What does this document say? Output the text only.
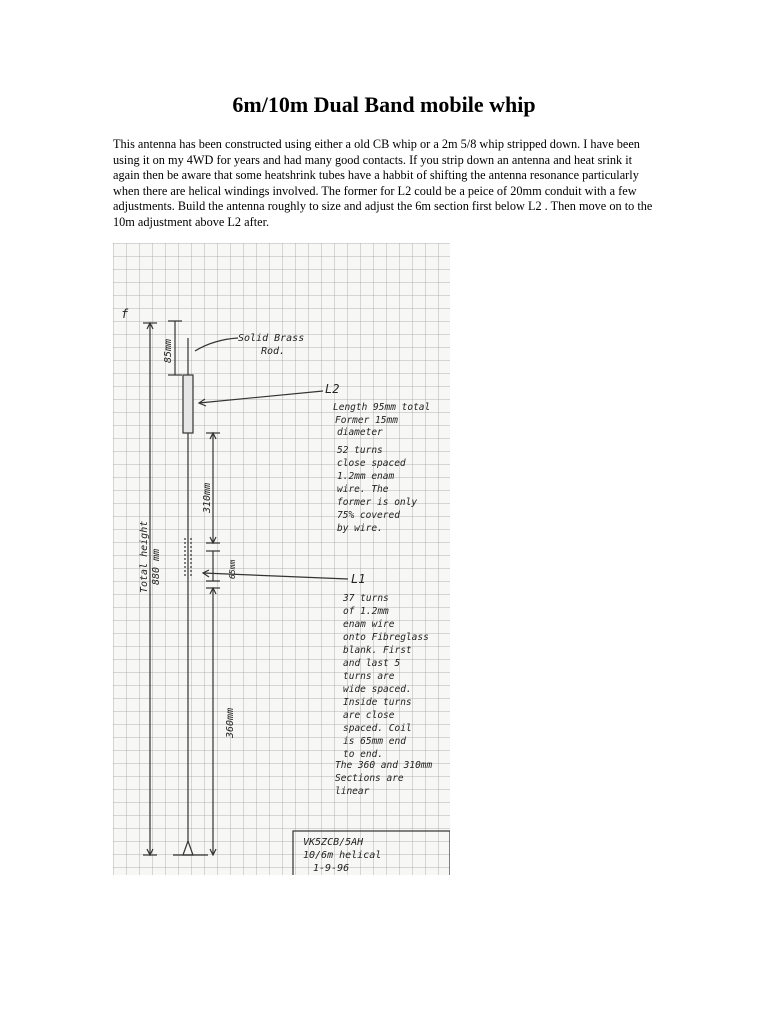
6m/10m Dual Band mobile whip

This antenna has been constructed using either a old CB whip or a 2m 5/8 whip stripped down. I have been using it on my 4WD for years and had many good contacts. If you strip down an antenna and heat srink it again then be aware that some heatshrink tubes have a habbit of shifting the antenna resonance particularly when there are helical windings involved. The former for L2 could be a peice of 20mm conduit with a few adjustments. Build the antenna roughly to size and adjust the 6m section first below L2 . Then move on to the 10m adjustment above L2 after.

f
85mm
310mm
65mm
360mm
Total height 880 mm
Solid Brass
Rod.
L2
Length 95mm total
Former 15mm
diameter
52 turns
close spaced
1.2mm enam
wire. The
former is only
75% covered
by wire.
L1
37 turns
of 1.2mm
enam wire
onto Fibreglass
blank. First
and last 5
turns are
wide spaced.
Inside turns
are close
spaced. Coil
is 65mm end
to end.
The 360 and 310mm
Sections are
linear
VK5ZCB/5AH
10/6m helical
1-9-96
